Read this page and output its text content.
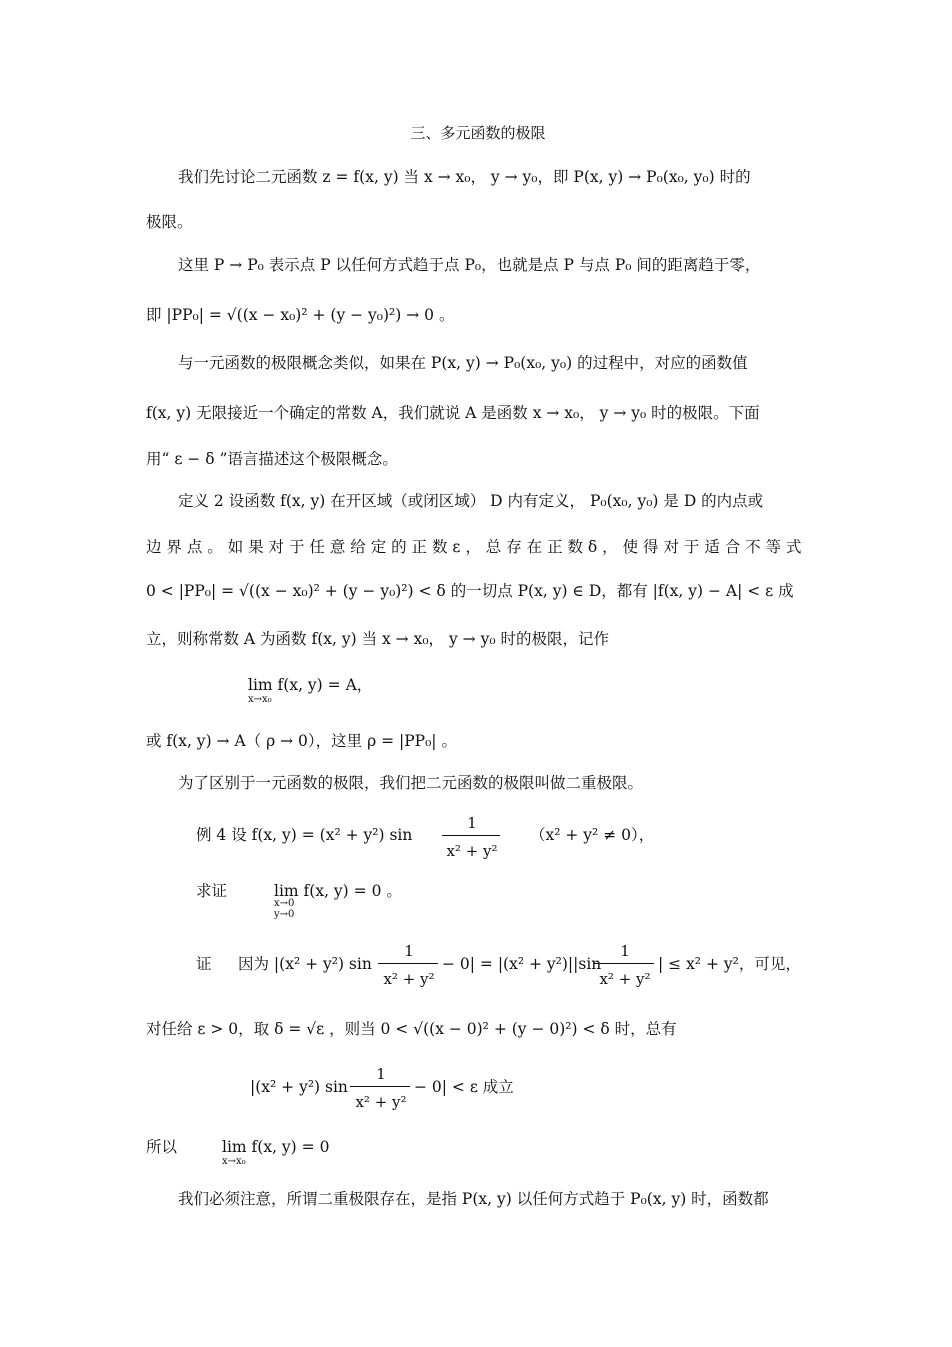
三、多元函数的极限
我们先讨论二元函数 z = f(x, y) 当 x → x₀， y → y₀，即 P(x, y) → P₀(x₀, y₀) 时的
极限。
这里 P → P₀ 表示点 P 以任何方式趋于点 P₀，也就是点 P 与点 P₀ 间的距离趋于零，
即 |PP₀| = √((x − x₀)² + (y − y₀)²) → 0 。
与一元函数的极限概念类似，如果在 P(x, y) → P₀(x₀, y₀) 的过程中，对应的函数值
f(x, y) 无限接近一个确定的常数 A，我们就说 A 是函数 x → x₀， y → y₀ 时的极限。下面
用“ ε − δ ”语言描述这个极限概念。
定义 2 设函数 f(x, y) 在开区域（或闭区域） D 内有定义， P₀(x₀, y₀) 是 D 的内点或
边 界 点 。 如 果 对 于 任 意 给 定 的 正 数 ε ， 总 存 在 正 数 δ ， 使 得 对 于 适 合 不 等 式
0 < |PP₀| = √((x − x₀)² + (y − y₀)²) < δ 的一切点 P(x, y) ∈ D，都有 |f(x, y) − A| < ε 成
立，则称常数 A 为函数 f(x, y) 当 x → x₀， y → y₀ 时的极限，记作
lim f(x, y) = A，
x→x₀
或 f(x, y) → A（ ρ → 0），这里 ρ = |PP₀| 。
为了区别于一元函数的极限，我们把二元函数的极限叫做二重极限。
例 4 设 f(x, y) = (x² + y²) sin
1
x² + y²
（x² + y² ≠ 0），
求证	lim f(x, y) = 0 。
x→0
y→0
证	因为 |(x² + y²) sin
1
x² + y²
− 0| = |(x² + y²)||sin
1
x² + y²
| ≤ x² + y²，可见，
对任给 ε > 0，取 δ = √ε ，则当 0 < √((x − 0)² + (y − 0)²) < δ 时，总有
|(x² + y²) sin
1
x² + y²
− 0| < ε 成立
所以	lim f(x, y) = 0
x→x₀
我们必须注意，所谓二重极限存在，是指 P(x, y) 以任何方式趋于 P₀(x, y) 时，函数都
